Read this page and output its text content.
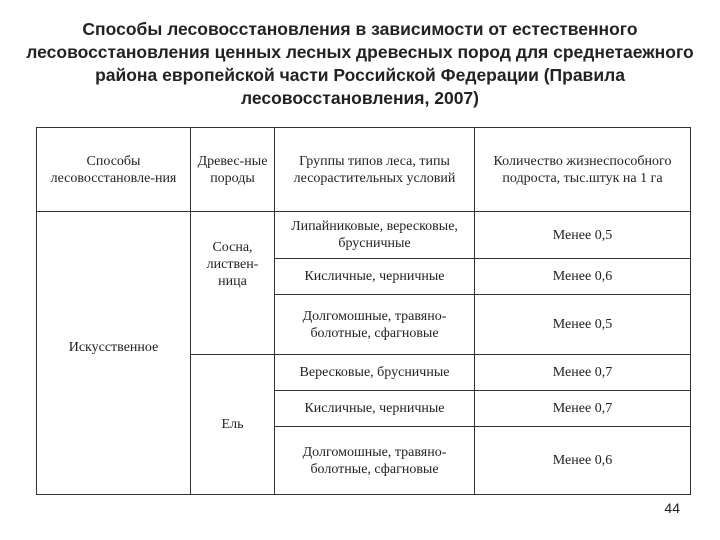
Способы лесовосстановления в зависимости от естественного лесовосстановления ценных лесных древесных пород для среднетаежного района европейской части Российской Федерации (Правила лесовосстановления, 2007)
Способы лесовосстановле-ния	Древес-ные породы	Группы типов леса, типы лесорастительных условий	Количество жизнеспособного подроста, тыс.штук на 1 га
Искусственное	Сосна, листвен-ница	Липайниковые, вересковые, брусничные	Менее 0,5
		Кисличные, черничные	Менее 0,6
		Долгомошные, травяно-болотные, сфагновые	Менее 0,5
	Ель	Вересковые, брусничные	Менее 0,7
		Кисличные, черничные	Менее 0,7
		Долгомошные, травяно-болотные, сфагновые	Менее 0,6
44
